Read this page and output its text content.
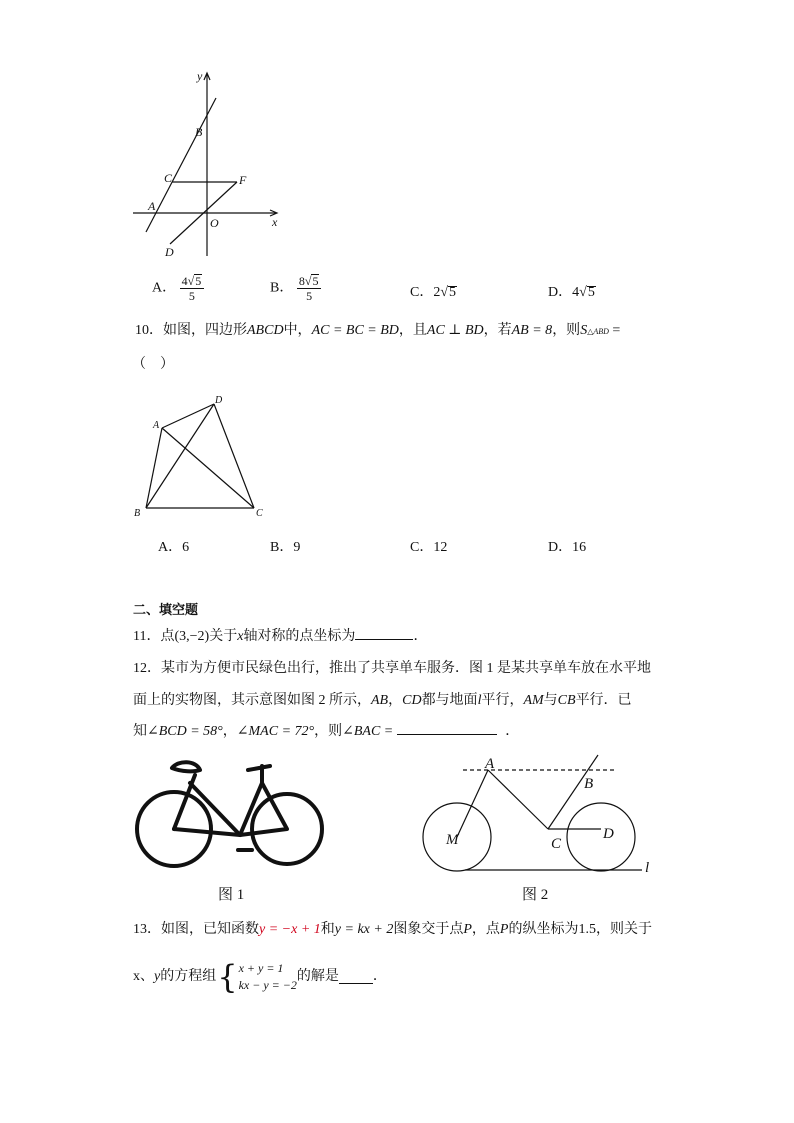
y
x
B
C	F
A
O
D
A． $\frac{4√5}{5}$	B． $\frac{8√5}{5}$	C．2√5	D．4√5
10．如图，四边形ABCD中，AC = BC = BD，且AC ⊥ BD，若AB = 8，则S△ABD =
（　）
A
D
B	C
A．6	B．9	C．12	D．16
二、填空题
11．点(3,−2)关于x轴对称的点坐标为	．
12．某市为方便市民绿色出行，推出了共享单车服务．图 1 是某共享单车放在水平地
面上的实物图，其示意图如图 2 所示，AB，CD都与地面l平行，AM与CB平行．已
知∠BCD = 58°，∠MAC = 72°，则∠BAC =	．
图 1
A
B
M	C
D
l
图 2
13．如图，已知函数y = −x + 1和y = kx + 2图象交于点P，点P的纵坐标为1.5，则关于
x、 y 的方程组 { x + y = 1
kx − y = −2
的解是 ．
